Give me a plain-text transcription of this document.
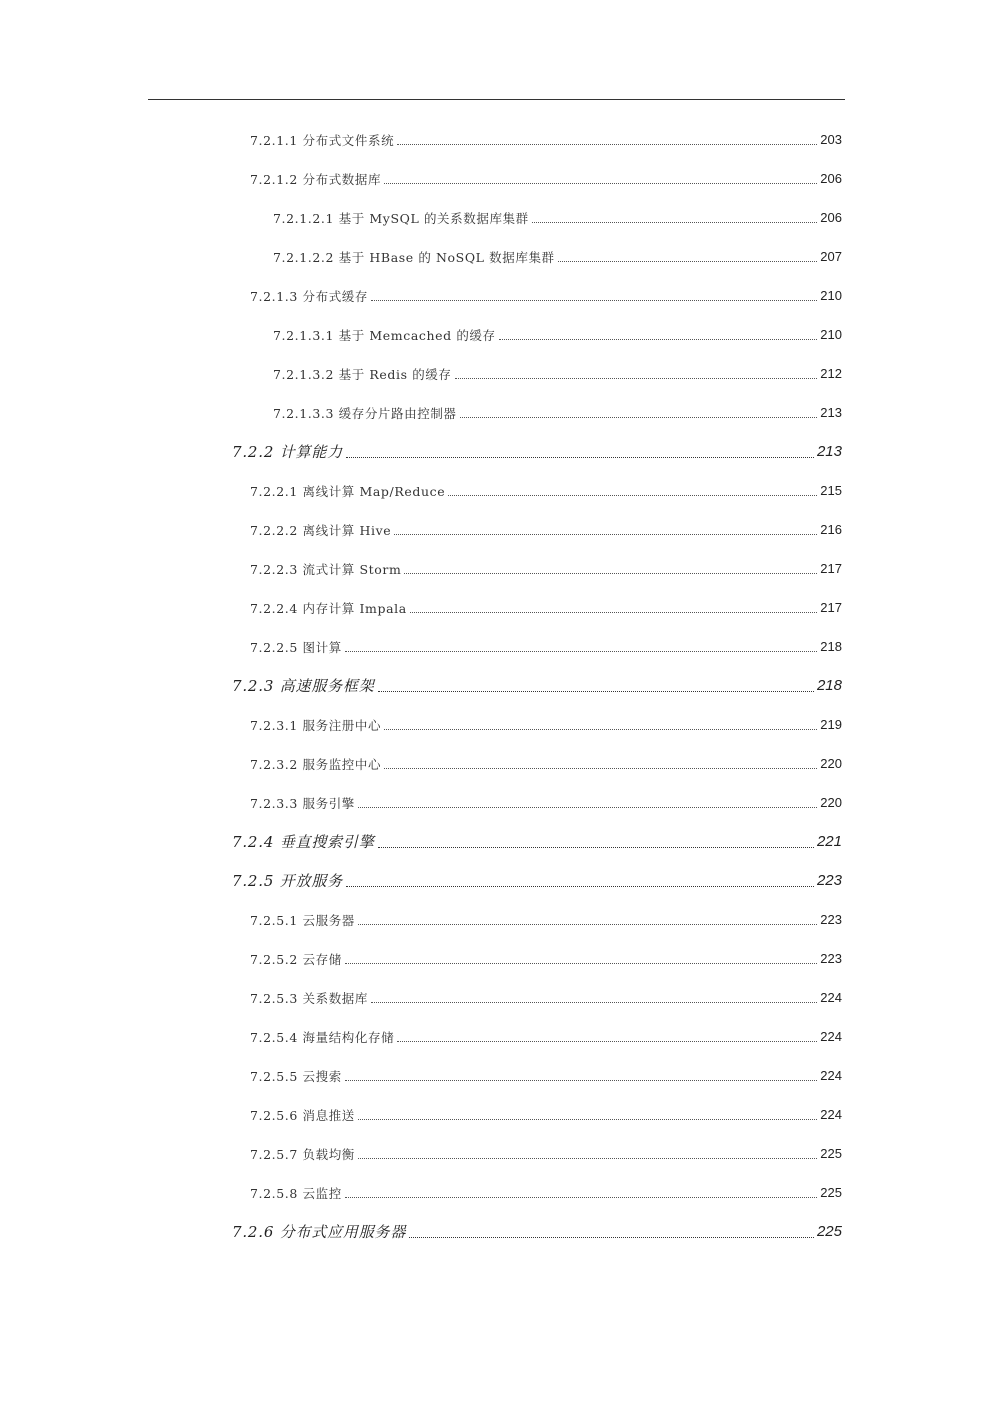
7.2.1.1 分布式文件系统	203
7.2.1.2 分布式数据库	206
7.2.1.2.1 基于 MySQL 的关系数据库集群	206
7.2.1.2.2 基于 HBase 的 NoSQL 数据库集群	207
7.2.1.3 分布式缓存	210
7.2.1.3.1 基于 Memcached 的缓存	210
7.2.1.3.2 基于 Redis 的缓存	212
7.2.1.3.3 缓存分片路由控制器	213
7.2.2 计算能力	213
7.2.2.1 离线计算 Map/Reduce	215
7.2.2.2 离线计算 Hive	216
7.2.2.3 流式计算 Storm	217
7.2.2.4 内存计算 Impala	217
7.2.2.5 图计算	218
7.2.3 高速服务框架	218
7.2.3.1 服务注册中心	219
7.2.3.2 服务监控中心	220
7.2.3.3 服务引擎	220
7.2.4 垂直搜索引擎	221
7.2.5 开放服务	223
7.2.5.1 云服务器	223
7.2.5.2 云存储	223
7.2.5.3 关系数据库	224
7.2.5.4 海量结构化存储	224
7.2.5.5 云搜索	224
7.2.5.6 消息推送	224
7.2.5.7 负载均衡	225
7.2.5.8 云监控	225
7.2.6 分布式应用服务器	225
